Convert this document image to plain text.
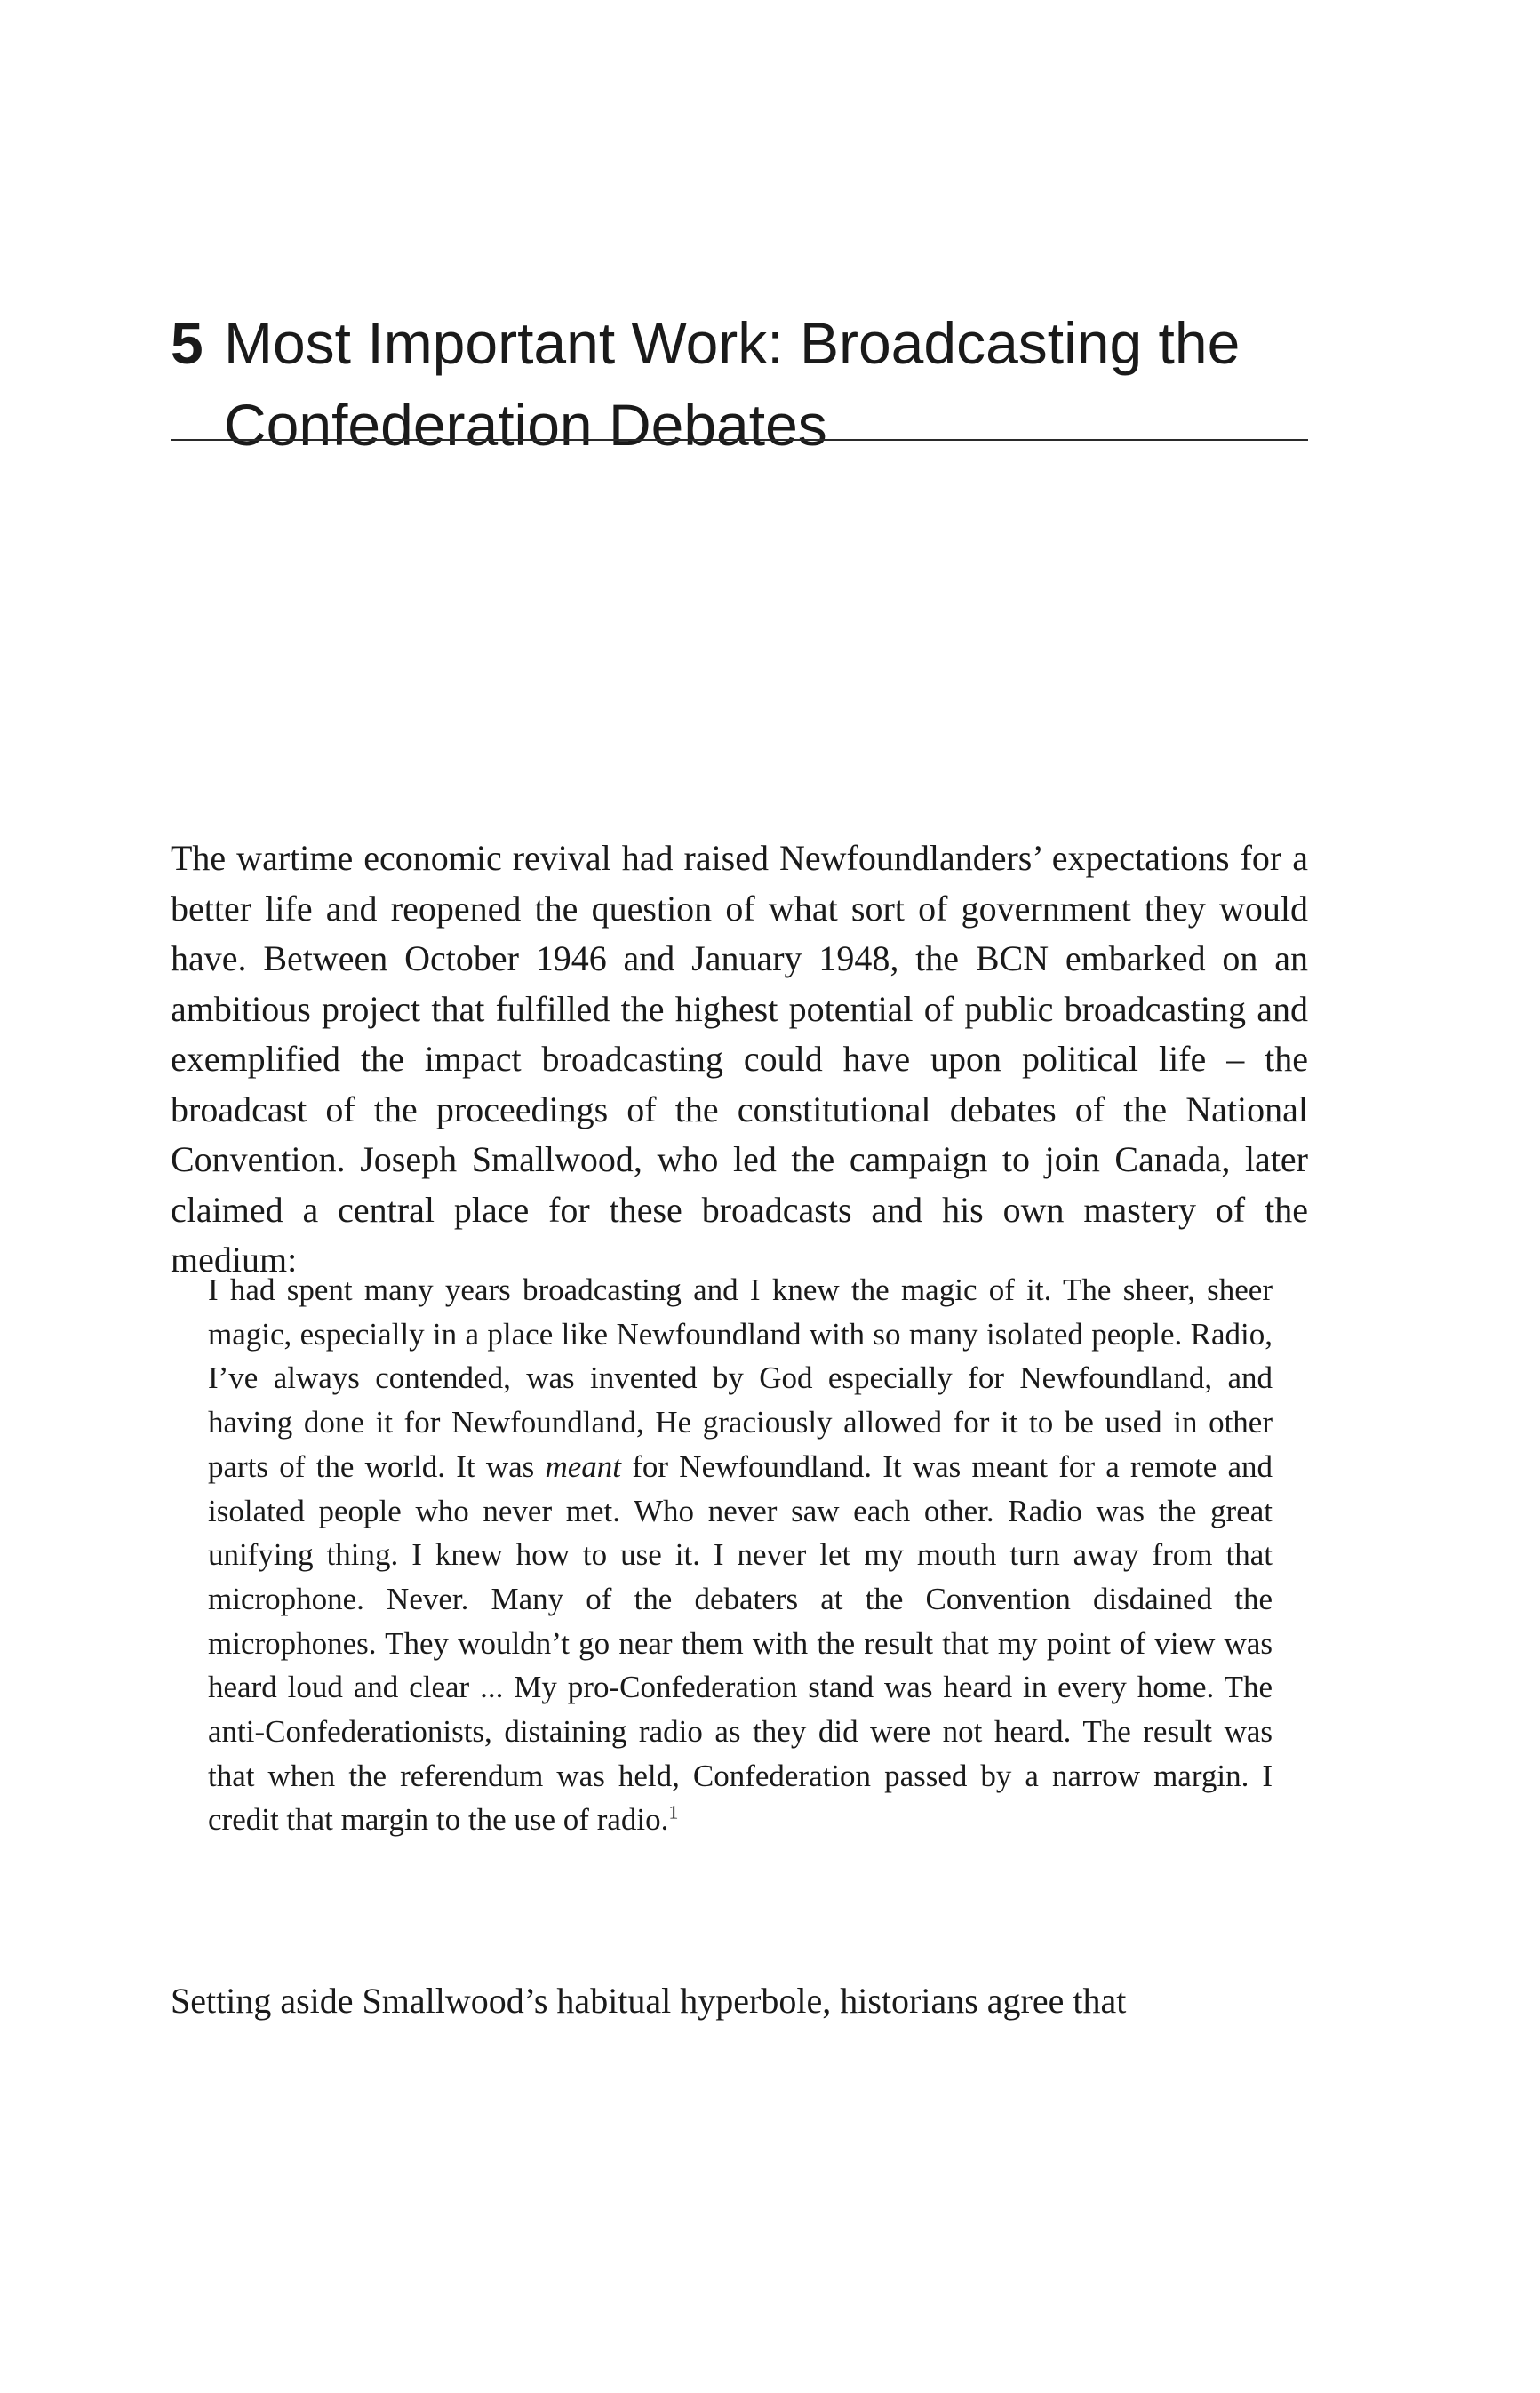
5 Most Important Work: Broadcasting the Confederation Debates

The wartime economic revival had raised Newfoundlanders’ expectations for a better life and reopened the question of what sort of government they would have. Between October 1946 and January 1948, the BCN embarked on an ambitious project that fulfilled the highest potential of public broadcasting and exemplified the impact broadcasting could have upon political life – the broadcast of the proceedings of the constitutional debates of the National Convention. Joseph Smallwood, who led the campaign to join Canada, later claimed a central place for these broadcasts and his own mastery of the medium:

I had spent many years broadcasting and I knew the magic of it. The sheer, sheer magic, especially in a place like Newfoundland with so many isolated people. Radio, I’ve always contended, was invented by God especially for Newfoundland, and having done it for Newfoundland, He graciously allowed for it to be used in other parts of the world. It was meant for Newfoundland. It was meant for a remote and isolated people who never met. Who never saw each other. Radio was the great unifying thing. I knew how to use it. I never let my mouth turn away from that microphone. Never. Many of the debaters at the Convention disdained the microphones. They wouldn’t go near them with the result that my point of view was heard loud and clear ... My pro-Confederation stand was heard in every home. The anti-Confederationists, distaining radio as they did were not heard. The result was that when the referendum was held, Confederation passed by a narrow margin. I credit that margin to the use of radio.$^1$

Setting aside Smallwood’s habitual hyperbole, historians agree that
